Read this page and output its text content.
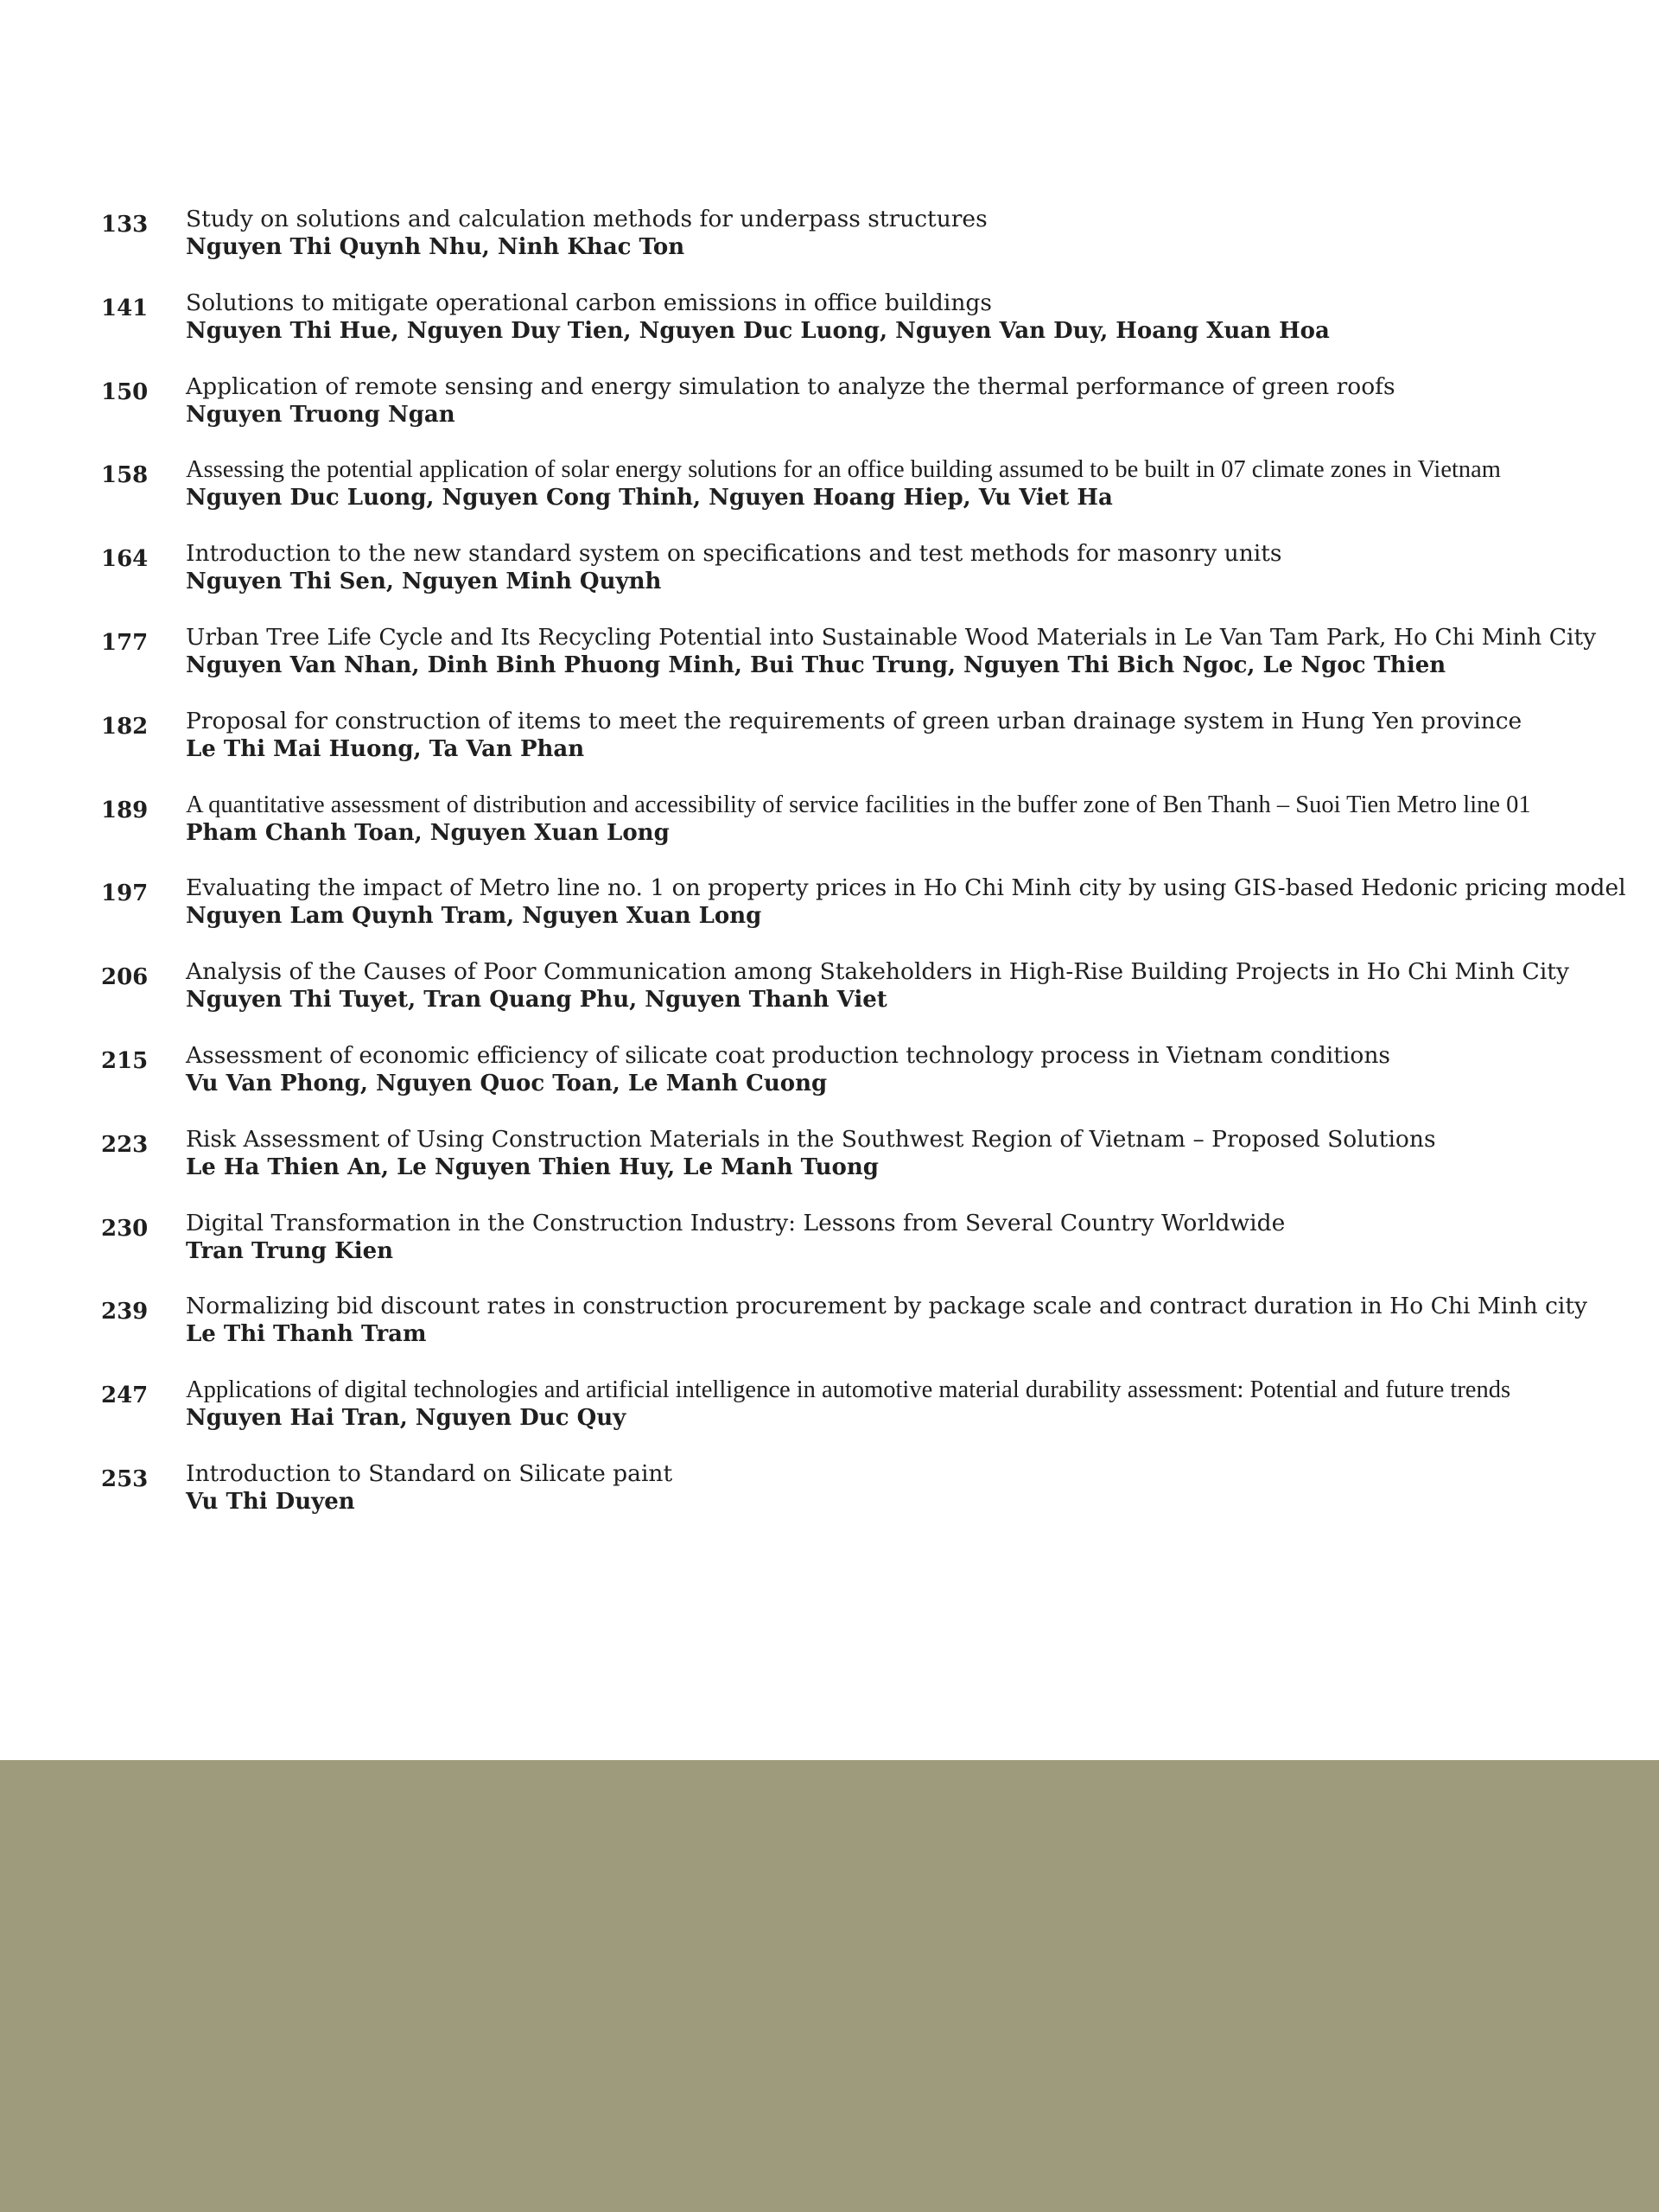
133 Study on solutions and calculation methods for underpass structures
Nguyen Thi Quynh Nhu, Ninh Khac Ton
141 Solutions to mitigate operational carbon emissions in office buildings
Nguyen Thi Hue, Nguyen Duy Tien, Nguyen Duc Luong, Nguyen Van Duy, Hoang Xuan Hoa
150 Application of remote sensing and energy simulation to analyze the thermal performance of green roofs
Nguyen Truong Ngan
158 Assessing the potential application of solar energy solutions for an office building assumed to be built in 07 climate zones in Vietnam
Nguyen Duc Luong, Nguyen Cong Thinh, Nguyen Hoang Hiep, Vu Viet Ha
164 Introduction to the new standard system on specifications and test methods for masonry units
Nguyen Thi Sen, Nguyen Minh Quynh
177 Urban Tree Life Cycle and Its Recycling Potential into Sustainable Wood Materials in Le Van Tam Park, Ho Chi Minh City
Nguyen Van Nhan, Dinh Binh Phuong Minh, Bui Thuc Trung, Nguyen Thi Bich Ngoc, Le Ngoc Thien
182 Proposal for construction of items to meet the requirements of green urban drainage system in Hung Yen province
Le Thi Mai Huong, Ta Van Phan
189 A quantitative assessment of distribution and accessibility of service facilities in the buffer zone of Ben Thanh – Suoi Tien Metro line 01
Pham Chanh Toan, Nguyen Xuan Long
197 Evaluating the impact of Metro line no. 1 on property prices in Ho Chi Minh city by using GIS-based Hedonic pricing model
Nguyen Lam Quynh Tram, Nguyen Xuan Long
206 Analysis of the Causes of Poor Communication among Stakeholders in High-Rise Building Projects in Ho Chi Minh City
Nguyen Thi Tuyet, Tran Quang Phu, Nguyen Thanh Viet
215 Assessment of economic efficiency of silicate coat production technology process in Vietnam conditions
Vu Van Phong, Nguyen Quoc Toan, Le Manh Cuong
223 Risk Assessment of Using Construction Materials in the Southwest Region of Vietnam – Proposed Solutions
Le Ha Thien An, Le Nguyen Thien Huy, Le Manh Tuong
230 Digital Transformation in the Construction Industry: Lessons from Several Country Worldwide
Tran Trung Kien
239 Normalizing bid discount rates in construction procurement by package scale and contract duration in Ho Chi Minh city
Le Thi Thanh Tram
247 Applications of digital technologies and artificial intelligence in automotive material durability assessment: Potential and future trends
Nguyen Hai Tran, Nguyen Duc Quy
253 Introduction to Standard on Silicate paint
Vu Thi Duyen
